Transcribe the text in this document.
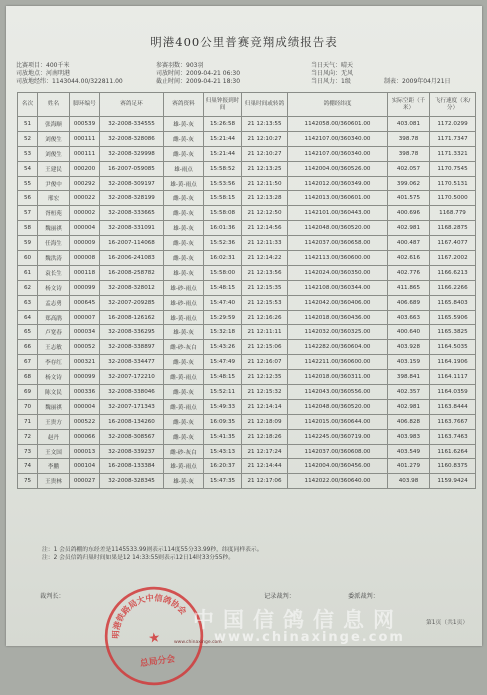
明港400公里普赛竞翔成绩报告表
比赛项目：400千米
司放地点：河南明港
司放地经纬：1143044.00/322811.00
参赛羽数：903羽
司放时间：2009-04-21 06:30
截止时间：2009-04-21 18:30
当日天气：晴天
当日风向：无风
当日风力：1级	制表：2009年04月21日
名次	姓名	脚环编号	赛鸽足环	赛鸽资料	归巢钟报到时间	归巢时间或转鸽	鸽棚经纬度	实际空距（千米）	飞行速度（米/分）
51	张海顺	000539	32-2008-334555	雄-黄-灰	15:26:58	21 12:13:55	1142058.00/360601.00	403.081	1172.0299
52	刘俊生	000111	32-2008-328086	雌-黄-灰	15:21:44	21 12:10:27	1142107.00/360340.00	398.78	1171.7347
53	刘俊生	000111	32-2008-329998	雌-黄-灰	15:21:44	21 12:10:27	1142107.00/360340.00	398.78	1171.3321
54	王建民	000200	16-2007-059085	雄-雨点	15:58:52	21 12:13:25	1142004.00/360526.00	402.057	1170.7545
55	尹俊中	000292	32-2008-309197	雄-黄-雨点	15:53:56	21 12:11:50	1142012.00/360349.00	399.062	1170.5131
56	邢宏	000022	32-2008-328199	雌-黄-灰	15:58:15	21 12:13:28	1142013.00/360601.00	401.575	1170.5000
57	胥桓苑	000002	32-2008-333665	雌-黄-灰	15:58:08	21 12:12:50	1142101.00/360443.00	400.696	1168.779
58	魏丽祺	000004	32-2008-331091	雄-黄-灰	16:01:36	21 12:14:56	1142048.00/360520.00	402.981	1168.2875
59	任海生	000009	16-2007-114068	雌-黄-灰	15:52:36	21 12:11:33	1142037.00/360658.00	400.487	1167.4077
60	魏洪涛	000008	16-2006-241083	雌-黄-灰	16:02:31	21 12:14:22	1142113.00/360600.00	402.616	1167.2002
61	袁长生	000118	16-2008-258782	雄-黄-灰	15:58:00	21 12:13:56	1142024.00/360350.00	402.776	1166.6213
62	杨文诗	000099	32-2008-328012	雄-砂-雨点	15:48:15	21 12:15:35	1142108.00/360344.00	411.865	1166.2266
63	孟志勇	000645	32-2007-209285	雄-砂-雨点	15:47:40	21 12:15:53	1142042.00/360406.00	406.689	1165.8403
64	郑高鹃	000007	16-2008-126162	雄-黄-雨点	15:29:59	21 12:16:26	1142018.00/360436.00	403.663	1165.5906
65	卢宽春	000034	32-2008-336295	雄-黄-灰	15:32:18	21 12:11:11	1142032.00/360325.00	400.640	1165.3825
66	王志敏	000052	32-2008-338897	雌-砂-灰白	15:43:26	21 12:15:06	1142282.00/360604.00	403.928	1164.5035
67	李存红	000321	32-2008-334477	雌-黄-灰	15:47:49	21 12:16:07	1142211.00/360600.00	403.159	1164.1906
68	杨文诗	000099	32-2007-172210	雌-黄-雨点	15:48:15	21 12:12:35	1142018.00/360311.00	398.841	1164.1117
69	陈文民	000336	32-2008-338046	雌-黄-灰	15:52:11	21 12:15:32	1142043.00/360556.00	402.357	1164.0359
70	魏丽祺	000004	32-2007-171343	雌-黄-雨点	15:49:33	21 12:14:14	1142048.00/360520.00	402.981	1163.8444
71	王贵方	000522	16-2008-134260	雌-黄-灰	16:09:35	21 12:18:09	1142015.00/360644.00	406.828	1163.7667
72	赵丹	000066	32-2008-308567	雌-黄-灰	15:41:35	21 12:18:26	1142245.00/360719.00	403.983	1163.7463
73	王文国	000013	32-2008-339237	雌-砂-灰白	15:43:13	21 12:17:24	1142037.00/360608.00	403.549	1161.6264
74	李鹏	000104	16-2008-133384	雄-黄-雨点	16:20:37	21 12:14:44	1142004.00/360456.00	401.279	1160.8375
75	王贵林	000027	32-2008-328345	雄-黄-灰	15:47:35	21 12:17:06	1142022.00/360640.00	403.98	1159.9424
注：1 会员鸽棚的东经差是1145533.99则表示114度55分33.99秒，纬度同样表示。
注：2 会员信鸽归巢时间如果是12 14:33:55则表示12日14时33分55秒。
裁判长：	记录裁判：	委派裁判：
明港铁路局大中信鸽协会
★
总局分会
第1页（共1页）
中国信鸽信息网
www.chinaxinge.com
www.chinaxinge.com
